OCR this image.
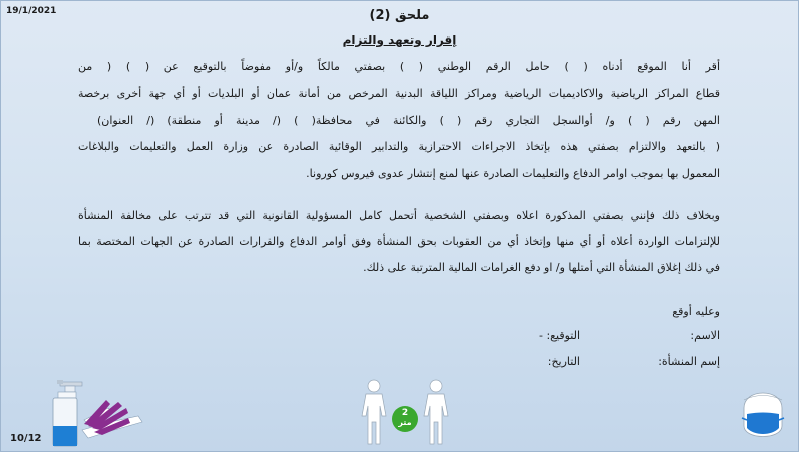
19/1/2021	ملحق (2)
إقرار وتعهد والتزام
أقر أنا الموقع أدناه ( ) حامل الرقم الوطني ( ) بصفتي مالكاً و/أو مفوضاً بالتوقيع عن ( ) ( من
قطاع المراكز الرياضية والاكاديميات الرياضية ومراكز اللياقة البدنية المرخص من أمانة عمان أو البلديات أو أي جهة أخرى برخصة
المهن رقم ( ) و/ أوالسجل التجاري رقم ( ) والكائنة في محافظة( ) (/ مدينة أو منطقة) (/ العنوان)
( بالتعهد والالتزام بصفتي هذه بإتخاذ الاجراءات الاحترازية والتدابير الوقائية الصادرة عن وزارة العمل والتعليمات والبلاغات
المعمول بها بموجب اوامر الدفاع والتعليمات الصادرة عنها لمنع إنتشار عدوى فيروس كورونا.
وبخلاف ذلك فإنني بصفتي المذكورة اعلاه وبصفتي الشخصية أتحمل كامل المسؤولية القانونية التي قد تترتب على مخالفة المنشأة
للإلتزامات الواردة أعلاه أو أي منها وإتخاذ أي من العقوبات بحق المنشأة وفق أوامر الدفاع والقرارات الصادرة عن الجهات المختصة بما
في ذلك إغلاق المنشأة التي أمتلها و/ او دفع الغرامات المالية المترتبة على ذلك.
وعليه أوقع
الاسم:
التوقيع: -
إسم المنشأة:
التاريخ:
10/12
2
متر
